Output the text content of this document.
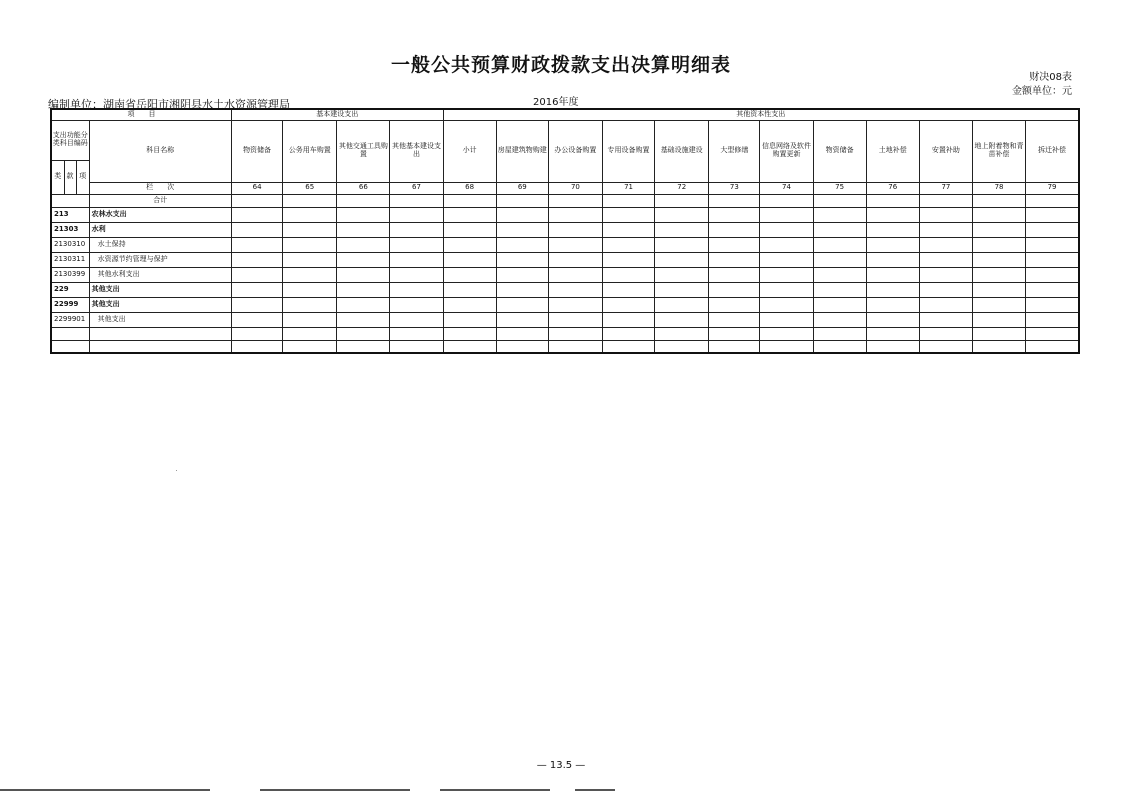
一般公共预算财政拨款支出决算明细表
财决08表
金额单位：元
编制单位：湖南省岳阳市湘阴县水土水资源管理局	2016年度
项　　目				基本建设支出				其他资本性支出											
支出功能分类科目编码			科目名称	物资储备	公务用车购置	其他交通工具购置	其他基本建设支出	小计	房屋建筑物购建	办公设备购置	专用设备购置	基础设施建设	大型修缮	信息网络及软件购置更新	物资储备	土地补偿	安置补助	地上附着物和青苗补偿	拆迁补偿
类	款	项																	
			栏　　次	64	65	66	67	68	69	70	71	72	73	74	75	76	77	78	79
			合计																
213			农林水支出																
21303			水利																
2130310			水土保持																
2130311			水资源节约管理与保护																
2130399			其他水利支出																
229			其他支出																
22999			其他支出																
2299901			其他支出																

— 13.5 —
